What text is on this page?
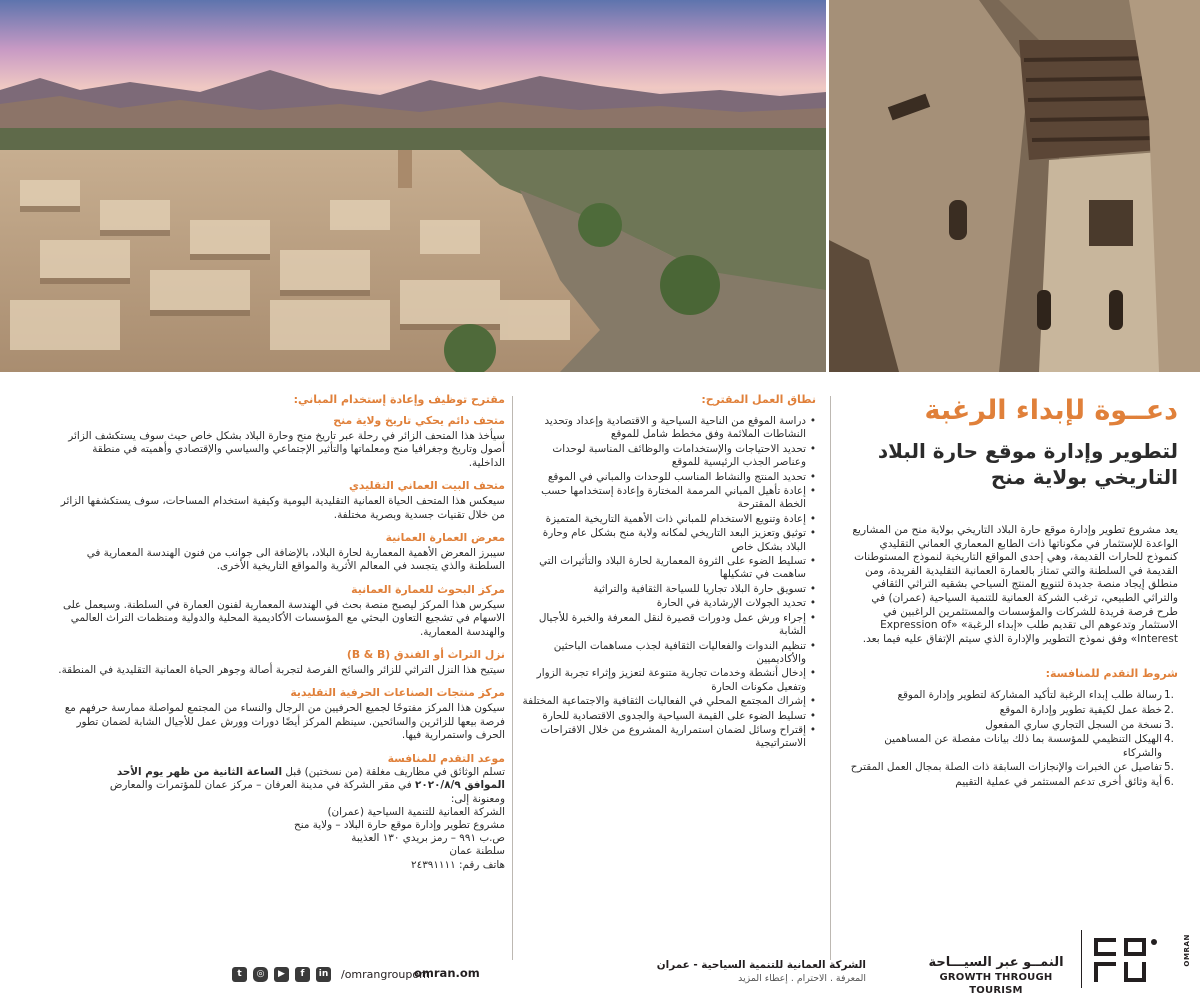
دعــوة لإبداء الرغبة
لتطوير وإدارة موقع حارة البلاد التاريخي بولاية منح

يعد مشروع تطوير وإدارة موقع حارة البلاد التاريخي بولاية منح من المشاريع الواعدة للإستثمار في مكوناتها ذات الطابع المعماري العماني التقليدي كنموذج للحارات القديمة، وهي إحدى المواقع التاريخية لنموذج المستوطنات القديمة في السلطنة والتي تمتاز بالعمارة العمانية التقليدية الفريدة، ومن منطلق إيجاد منصة جديدة لتنويع المنتج السياحي بشقيه التراثي الثقافي والتراثي الطبيعي، ترغب الشركة العمانية للتنمية السياحية (عمران) في طرح فرصة فريدة للشركات والمؤسسات والمستثمرين الراغبين في الاستثمار وتدعوهم الى تقديم طلب «إبداء الرغبة» «Expression of Interest» وفق نموذج التطوير والإدارة الذي سيتم الإتفاق عليه فيما بعد.

شروط التقدم للمنافسة:
1.
رسالة طلب إبداء الرغبة لتأكيد المشاركة لتطوير وإدارة الموقع
2.
خطة عمل لكيفية تطوير وإدارة الموقع
3.
نسخة من السجل التجاري ساري المفعول
4.
الهيكل التنظيمي للمؤسسة بما ذلك بيانات مفصلة عن المساهمين والشركاء
5.
تفاصيل عن الخبرات والإنجازات السابقة ذات الصلة بمجال العمل المقترح
6.
أية وثائق أخرى تدعم المستثمر في عملية التقييم
نطاق العمل المقترح:
• دراسة الموقع من الناحية السياحية و الاقتصادية وإعداد وتحديد النشاطات الملائمة وفق مخطط شامل للموقع
• تحديد الاحتياجات والإستخدامات والوظائف المناسبة لوحدات وعناصر الجذب الرئيسية للموقع
• تحديد المنتج والنشاط المناسب للوحدات والمباني في الموقع
• إعادة تأهيل المباني المرممة المختارة وإعادة إستخدامها حسب الخطة المقترحة
• إعادة وتنويع الاستخدام للمباني ذات الأهمية التاريخية المتميزة
• توثيق وتعزيز البعد التاريخي لمكانه ولاية منح بشكل عام وحارة البلاد بشكل خاص
• تسليط الضوء على الثروة المعمارية لحارة البلاد والتأثيرات التي ساهمت في تشكيلها
• تسويق حارة البلاد تجاريا للسياحة الثقافية والتراثية
• تحديد الجولات الإرشادية في الحارة
• إجراء ورش عمل ودورات قصيرة لنقل المعرفة والخبرة للأجيال الشابة
• تنظيم الندوات والفعاليات الثقافية لجذب مساهمات الباحثين والأكاديميين
• إدخال أنشطة وخدمات تجارية متنوعة لتعزيز وإثراء تجربة الزوار وتفعيل مكونات الحارة
• إشراك المجتمع المحلي في الفعاليات الثقافية والاجتماعية المختلفة
• تسليط الضوء على القيمة السياحية والجدوى الاقتصادية للحارة
• إقتراح وسائل لضمان استمرارية المشروع من خلال الاقتراحات الاستراتيجية
مقترح توظيف وإعادة إستخدام المباني:
متحف دائم يحكي تاريخ ولاية منح
سيأخذ هذا المتحف الزائر في رحلة عبر تاريخ منح وحارة البلاد بشكل خاص حيث سوف يستكشف الزائر أصول وتاريخ وجغرافيا منح ومعلماتها والتأثير الإجتماعي والسياسي والإقتصادي وأهميته في منطقة الداخلية.
متحف البيت العماني التقليدي
سيعكس هذا المتحف الحياة العمانية التقليدية اليومية وكيفية استخدام المساحات، سوف يستكشفها الزائر من خلال تقنيات جسدية وبصرية مختلفة.
معرض العمارة العمانية
سيبرز المعرض الأهمية المعمارية لحارة البلاد، بالإضافة الى جوانب من فنون الهندسة المعمارية في السلطنة والذي يتجسد في المعالم الأثرية والمواقع التاريخية الأخرى.
مركز البحوث للعمارة العمانية
سيكرس هذا المركز ليصبح منصة بحث في الهندسة المعمارية لفنون العمارة في السلطنة. وسيعمل على الاسهام في تشجيع التعاون البحثي مع المؤسسات الأكاديمية المحلية والدولية ومنظمات التراث العالمي والهندسة المعمارية.
نزل التراث أو الفندق (B & B)
سيتيح هذا النزل التراثي للزائر والسائح الفرصة لتجربة أصالة وجوهر الحياة العمانية التقليدية في المنطقة.
مركز منتجات الصناعات الحرفية التقليدية
سيكون هذا المركز مفتوحًا لجميع الحرفيين من الرجال والنساء من المجتمع لمواصلة ممارسة حرفهم مع فرصة بيعها للزائرين والسائحين. سينظم المركز أيضًا دورات وورش عمل للأجيال الشابة لضمان تطور الحرف واستمرارية فيها.
موعد التقدم للمنافسة
تسلم الوثائق في مظاريف مغلقة (من نسختين) قبل الساعة الثانية من ظهر يوم الأحد
الموافق ٢٠٢٠/٨/٩ في مقر الشركة في مدينة العرفان – مركز عمان للمؤتمرات والمعارض
ومعنونة إلى:
الشركة العمانية للتنمية السياحية (عمران)
مشروع تطوير وإدارة موقع حارة البلاد – ولاية منح
ص.ب ٩٩١ – رمز بريدي ١٣٠ العذيبة
سلطنة عمان
هاتف رقم: ٢٤٣٩١١١١
OMRAN
النمــو عبر السيـــاحة
GROWTH THROUGH TOURISM
الشركة العمانية للتنمية السياحية - عمران
المعرفة . الاحترام . إعطاء المزيد
omran.om
t	◎	▶	f	in /omrangroupom
